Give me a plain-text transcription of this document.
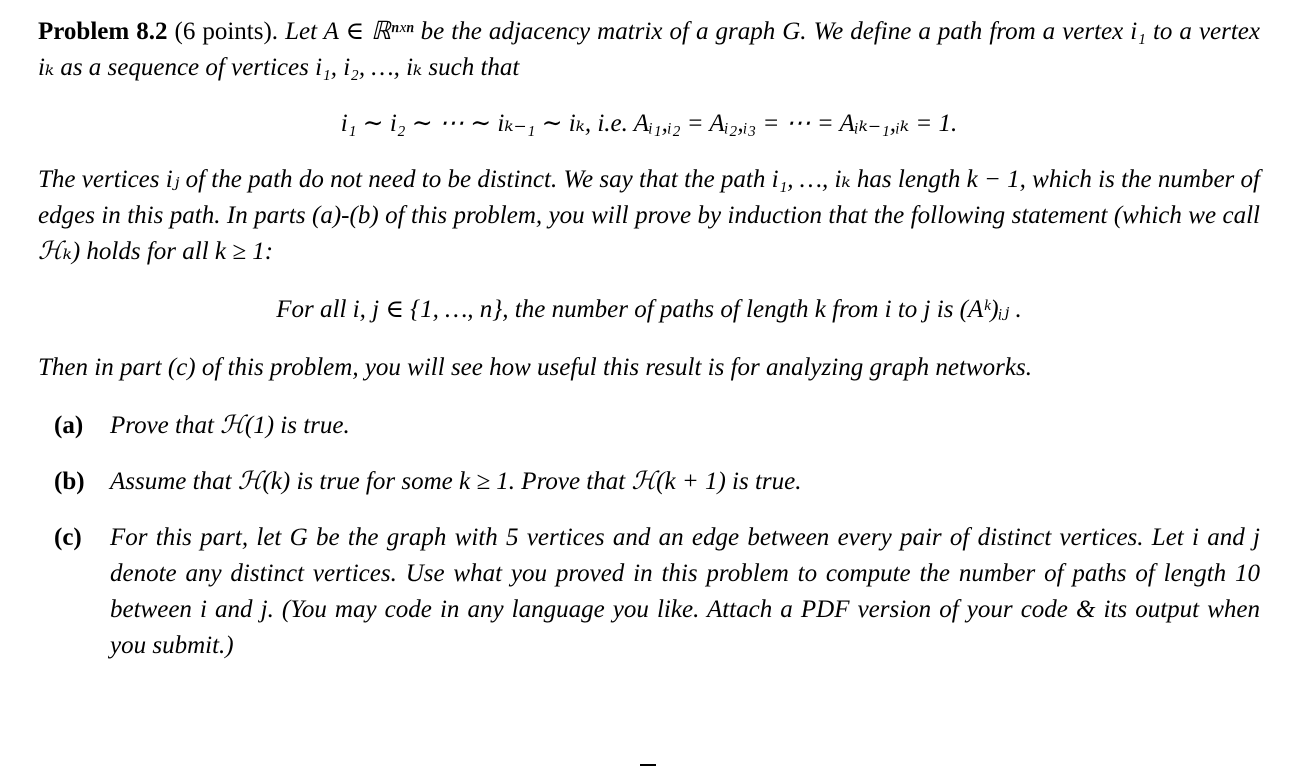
Problem 8.2 (6 points). Let A ∈ ℝⁿˣⁿ be the adjacency matrix of a graph G. We define a path from a vertex i₁ to a vertex iₖ as a sequence of vertices i₁, i₂, …, iₖ such that

i₁ ∼ i₂ ∼ ⋯ ∼ iₖ₋₁ ∼ iₖ, i.e. Aᵢ₁,ᵢ₂ = Aᵢ₂,ᵢ₃ = ⋯ = Aᵢₖ₋₁,ᵢₖ = 1.

The vertices iⱼ of the path do not need to be distinct. We say that the path i₁, …, iₖ has length k − 1, which is the number of edges in this path. In parts (a)-(b) of this problem, you will prove by induction that the following statement (which we call ℋₖ) holds for all k ≥ 1:

For all i, j ∈ {1, …, n}, the number of paths of length k from i to j is (Aᵏ)ᵢⱼ .

Then in part (c) of this problem, you will see how useful this result is for analyzing graph networks.

(a) Prove that ℋ(1) is true.
(b) Assume that ℋ(k) is true for some k ≥ 1. Prove that ℋ(k + 1) is true.
(c) For this part, let G be the graph with 5 vertices and an edge between every pair of distinct vertices. Let i and j denote any distinct vertices. Use what you proved in this problem to compute the number of paths of length 10 between i and j. (You may code in any language you like. Attach a PDF version of your code & its output when you submit.)
